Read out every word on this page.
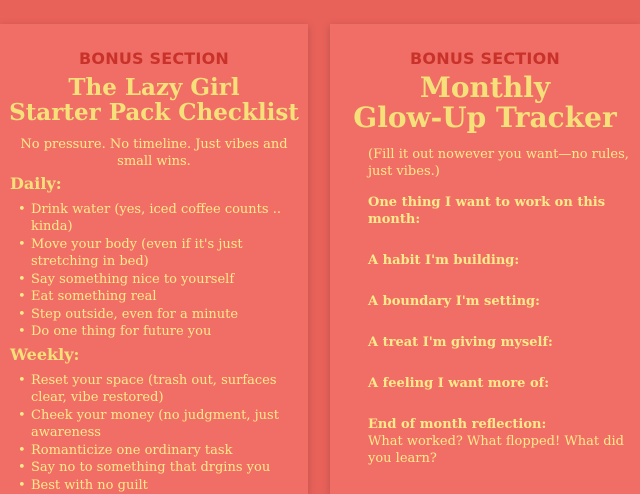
BONUS SECTION
The Lazy Girl
Starter Pack Checklist
No pressure. No timeline. Just vibes and small wins.
Daily:
• Drink water (yes, iced coffee counts .. kinda)
• Move your body (even if it's just stretching in bed)
• Say something nice to yourself
• Eat something real
• Step outside, even for a minute
• Do one thing for future you
Weekly:
• Reset your space (trash out, surfaces clear, vibe restored)
• Cheek your money (no judgment, just awareness
• Romanticize one ordinary task
• Say no to something that drgins you
• Best with no guilt
BONUS SECTION
Monthly
Glow-Up Tracker
(Fill it out nowever you want—no rules, just vibes.)
One thing I want to work on this month:
A habit I'm building:
A boundary I'm setting:
A treat I'm giving myself:
A feeling I want more of:
End of month reflection:
What worked? What flopped! What did you learn?
